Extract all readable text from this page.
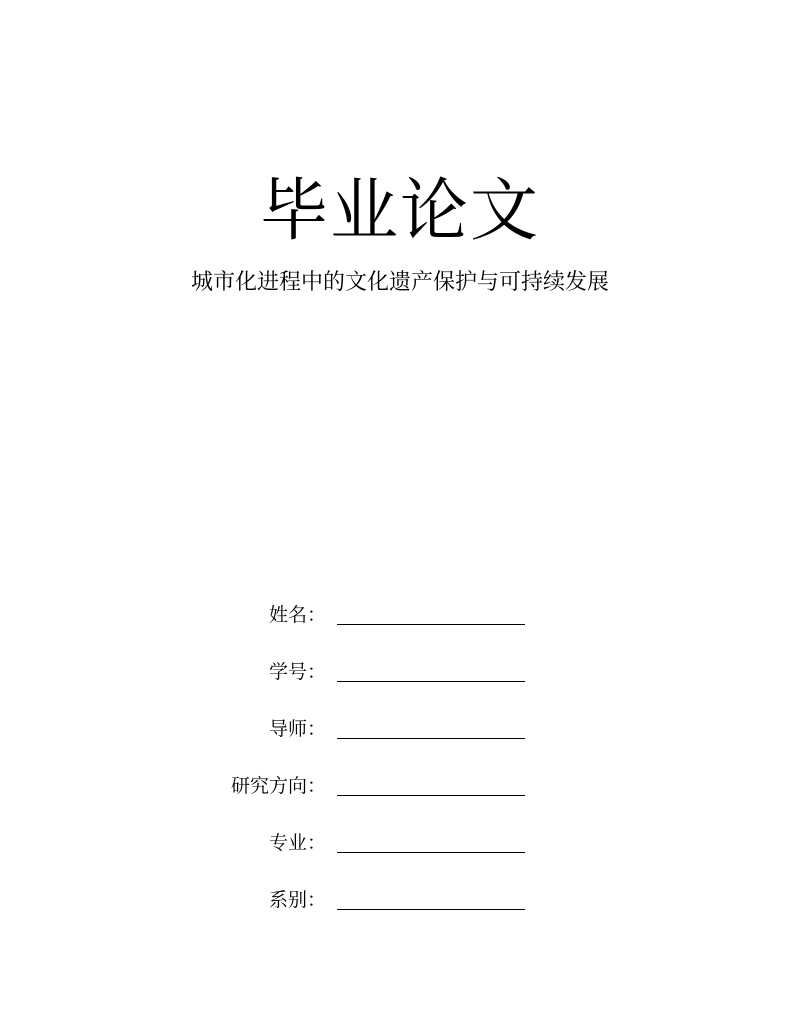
毕业论文

城市化进程中的文化遗产保护与可持续发展

姓名：
学号：
导师：
研究方向：
专业：
系别：
